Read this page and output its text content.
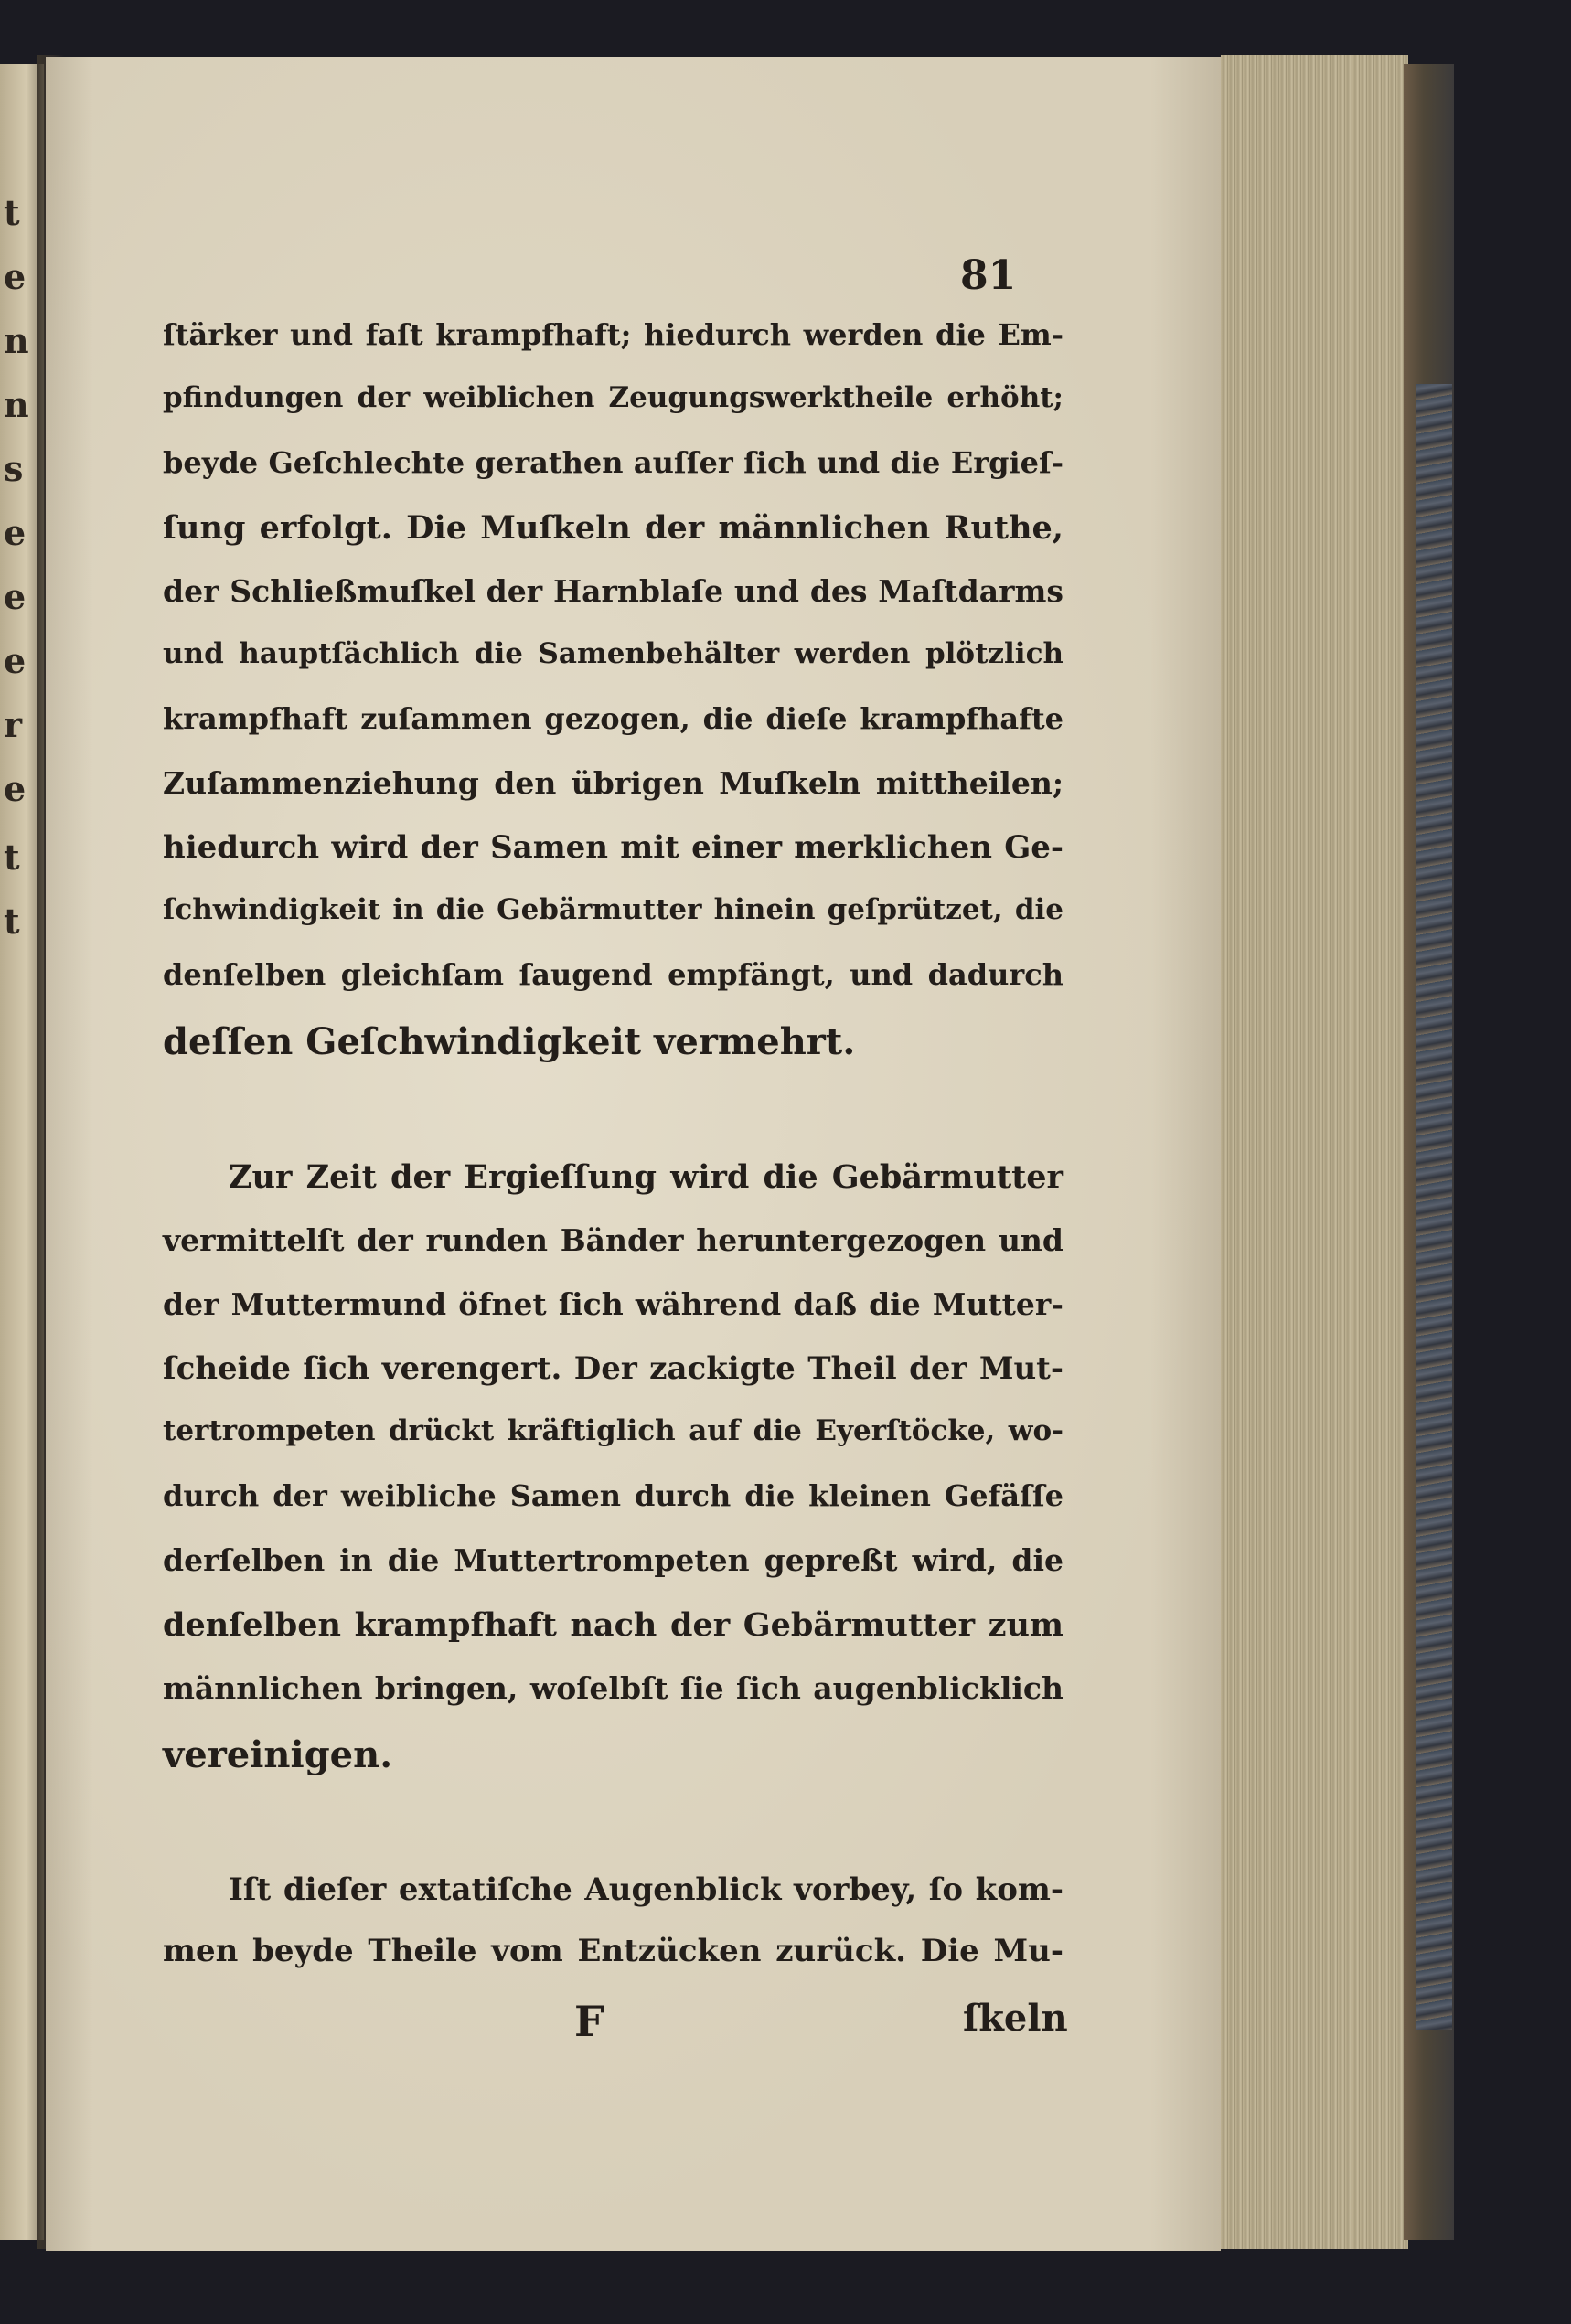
t
e
n
n
s
e
e
e
r
e
t
t
81
ſtärker und faſt krampfhaft; hiedurch werden die Em-
pfindungen der weiblichen Zeugungswerktheile erhöht;
beyde Geſchlechte gerathen auſſer ſich und die Ergieſ-
ſung erfolgt. Die Muſkeln der männlichen Ruthe,
der Schließmuſkel der Harnblaſe und des Maſtdarms
und hauptſächlich die Samenbehälter werden plötzlich
krampfhaft zuſammen gezogen, die dieſe krampfhafte
Zuſammenziehung den übrigen Muſkeln mittheilen;
hiedurch wird der Samen mit einer merklichen Ge-
ſchwindigkeit in die Gebärmutter hinein geſprützet, die
denſelben gleichſam ſaugend empfängt, und dadurch
deſſen Geſchwindigkeit vermehrt.
Zur Zeit der Ergieſſung wird die Gebärmutter
vermittelſt der runden Bänder heruntergezogen und
der Muttermund öfnet ſich während daß die Mutter-
ſcheide ſich verengert. Der zackigte Theil der Mut-
tertrompeten drückt kräftiglich auf die Eyerſtöcke, wo-
durch der weibliche Samen durch die kleinen Gefäſſe
derſelben in die Muttertrompeten gepreßt wird, die
denſelben krampfhaft nach der Gebärmutter zum
männlichen bringen, woſelbſt ſie ſich augenblicklich
vereinigen.
Iſt dieſer extatiſche Augenblick vorbey, ſo kom-
men beyde Theile vom Entzücken zurück. Die Mu-
F	ſkeln
